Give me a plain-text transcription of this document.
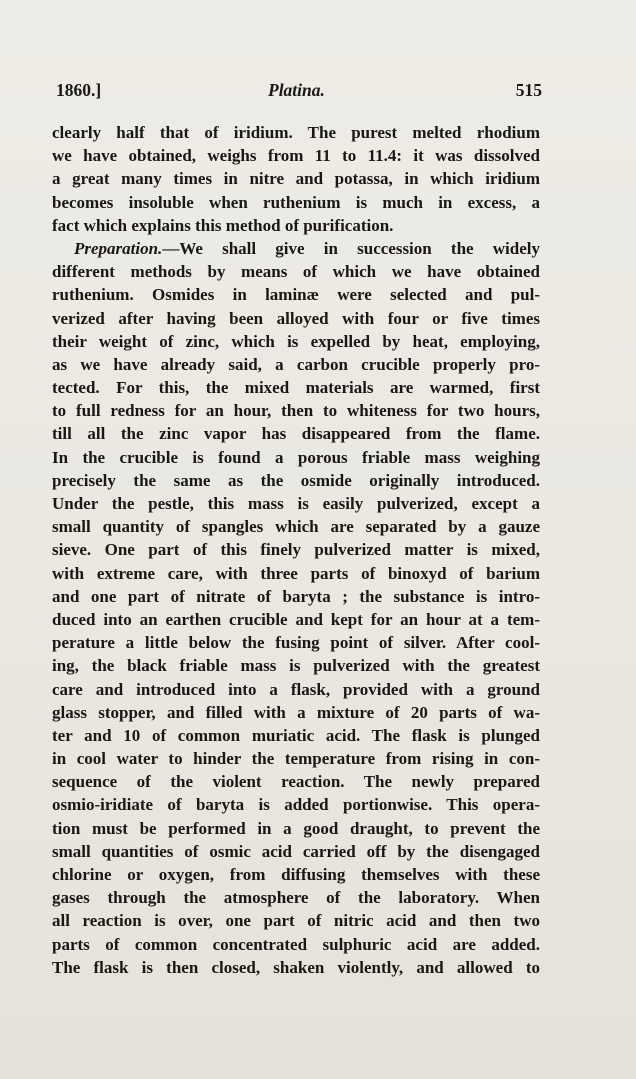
1860.]	Platina.	515
clearly half that of iridium. The purest melted rhodium
we have obtained, weighs from 11 to 11.4: it was dissolved
a great many times in nitre and potassa, in which iridium
becomes insoluble when ruthenium is much in excess, a
fact which explains this method of purification.
Preparation.—We shall give in succession the widely
different methods by means of which we have obtained
ruthenium. Osmides in laminæ were selected and pul-
verized after having been alloyed with four or five times
their weight of zinc, which is expelled by heat, employing,
as we have already said, a carbon crucible properly pro-
tected. For this, the mixed materials are warmed, first
to full redness for an hour, then to whiteness for two hours,
till all the zinc vapor has disappeared from the flame.
In the crucible is found a porous friable mass weighing
precisely the same as the osmide originally introduced.
Under the pestle, this mass is easily pulverized, except a
small quantity of spangles which are separated by a gauze
sieve. One part of this finely pulverized matter is mixed,
with extreme care, with three parts of binoxyd of barium
and one part of nitrate of baryta ; the substance is intro-
duced into an earthen crucible and kept for an hour at a tem-
perature a little below the fusing point of silver. After cool-
ing, the black friable mass is pulverized with the greatest
care and introduced into a flask, provided with a ground
glass stopper, and filled with a mixture of 20 parts of wa-
ter and 10 of common muriatic acid. The flask is plunged
in cool water to hinder the temperature from rising in con-
sequence of the violent reaction. The newly prepared
osmio-iridiate of baryta is added portionwise. This opera-
tion must be performed in a good draught, to prevent the
small quantities of osmic acid carried off by the disengaged
chlorine or oxygen, from diffusing themselves with these
gases through the atmosphere of the laboratory. When
all reaction is over, one part of nitric acid and then two
parts of common concentrated sulphuric acid are added.
The flask is then closed, shaken violently, and allowed to
